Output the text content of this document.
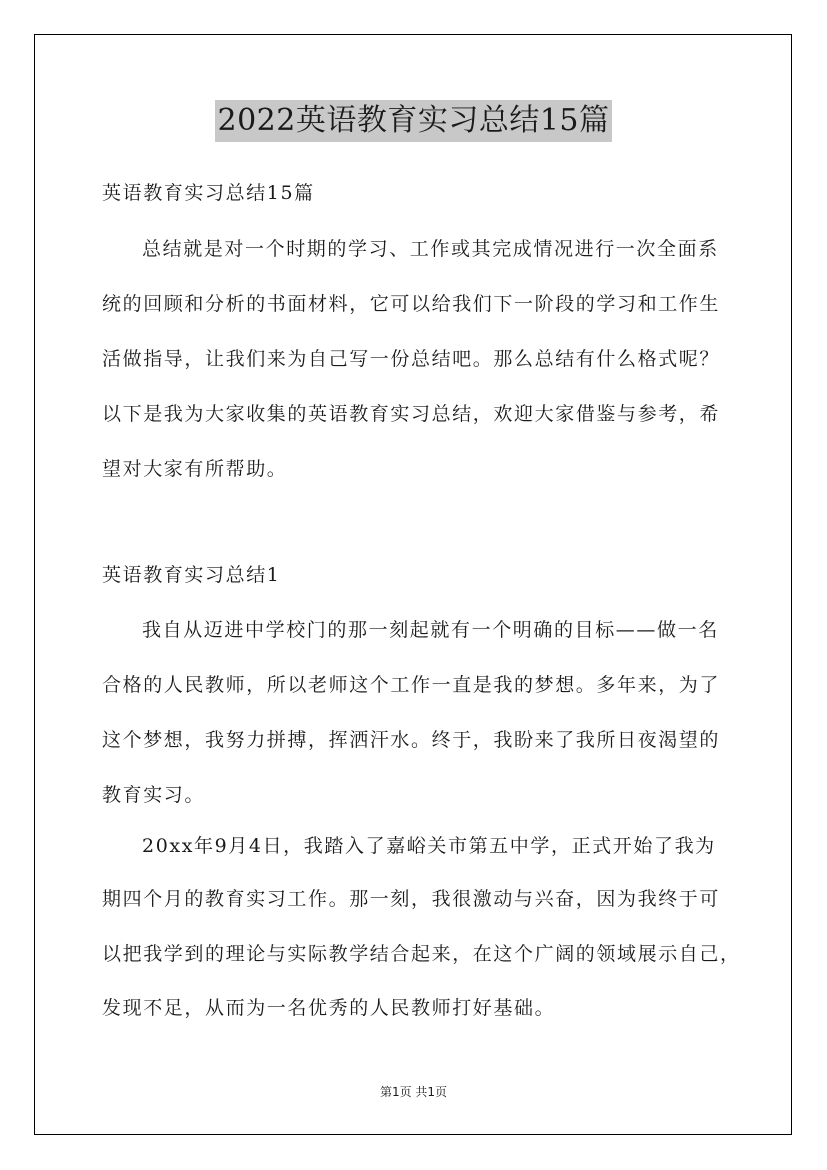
2022英语教育实习总结15篇
英语教育实习总结15篇
总结就是对一个时期的学习、工作或其完成情况进行一次全面系
统的回顾和分析的书面材料，它可以给我们下一阶段的学习和工作生
活做指导，让我们来为自己写一份总结吧。那么总结有什么格式呢？
以下是我为大家收集的英语教育实习总结，欢迎大家借鉴与参考，希
望对大家有所帮助。
英语教育实习总结1
我自从迈进中学校门的那一刻起就有一个明确的目标——做一名
合格的人民教师，所以老师这个工作一直是我的梦想。多年来，为了
这个梦想，我努力拼搏，挥洒汗水。终于，我盼来了我所日夜渴望的
教育实习。
20xx年9月4日，我踏入了嘉峪关市第五中学，正式开始了我为
期四个月的教育实习工作。那一刻，我很激动与兴奋，因为我终于可
以把我学到的理论与实际教学结合起来，在这个广阔的领域展示自己，
发现不足，从而为一名优秀的人民教师打好基础。
第1页 共1页
